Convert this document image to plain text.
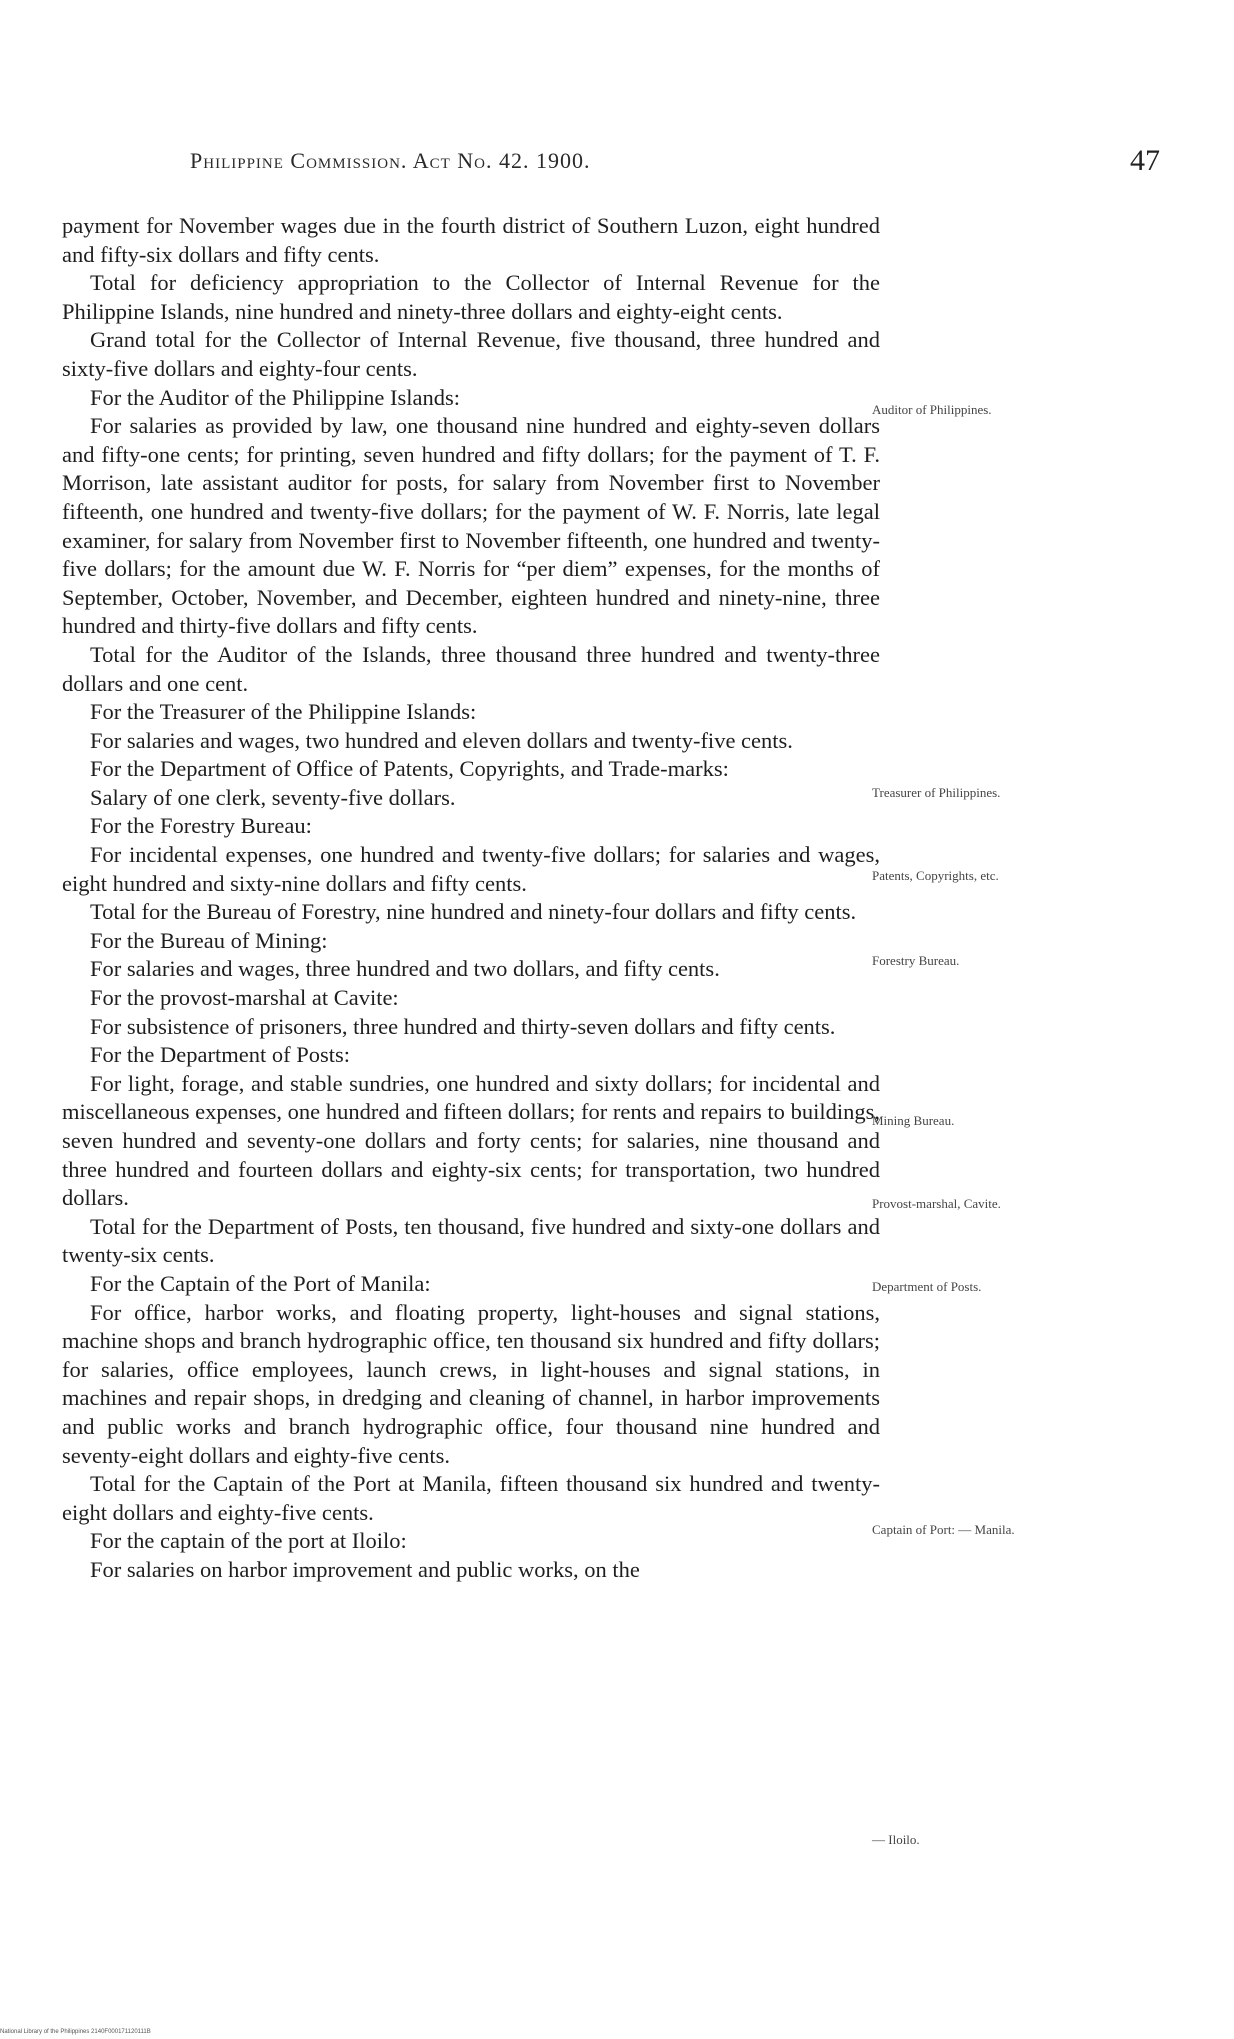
Philippine Commission. Act No. 42. 1900.	47

payment for November wages due in the fourth district of Southern Luzon, eight hundred and fifty-six dollars and fifty cents.

Total for deficiency appropriation to the Collector of Internal Revenue for the Philippine Islands, nine hundred and ninety-three dollars and eighty-eight cents.

Grand total for the Collector of Internal Revenue, five thousand, three hundred and sixty-five dollars and eighty-four cents.

For the Auditor of the Philippine Islands:

For salaries as provided by law, one thousand nine hundred and eighty-seven dollars and fifty-one cents; for printing, seven hundred and fifty dollars; for the payment of T. F. Morrison, late assistant auditor for posts, for salary from November first to November fifteenth, one hundred and twenty-five dollars; for the payment of W. F. Norris, late legal examiner, for salary from November first to November fifteenth, one hundred and twenty-five dollars; for the amount due W. F. Norris for “per diem” expenses, for the months of September, October, November, and December, eighteen hundred and ninety-nine, three hundred and thirty-five dollars and fifty cents.

Total for the Auditor of the Islands, three thousand three hundred and twenty-three dollars and one cent.

For the Treasurer of the Philippine Islands:

For salaries and wages, two hundred and eleven dollars and twenty-five cents.

For the Department of Office of Patents, Copyrights, and Trade-marks:

Salary of one clerk, seventy-five dollars.

For the Forestry Bureau:

For incidental expenses, one hundred and twenty-five dollars; for salaries and wages, eight hundred and sixty-nine dollars and fifty cents.

Total for the Bureau of Forestry, nine hundred and ninety-four dollars and fifty cents.

For the Bureau of Mining:

For salaries and wages, three hundred and two dollars, and fifty cents.

For the provost-marshal at Cavite:

For subsistence of prisoners, three hundred and thirty-seven dollars and fifty cents.

For the Department of Posts:

For light, forage, and stable sundries, one hundred and sixty dollars; for incidental and miscellaneous expenses, one hundred and fifteen dollars; for rents and repairs to buildings, seven hundred and seventy-one dollars and forty cents; for salaries, nine thousand and three hundred and fourteen dollars and eighty-six cents; for transportation, two hundred dollars.

Total for the Department of Posts, ten thousand, five hundred and sixty-one dollars and twenty-six cents.

For the Captain of the Port of Manila:

For office, harbor works, and floating property, light-houses and signal stations, machine shops and branch hydrographic office, ten thousand six hundred and fifty dollars; for salaries, office employees, launch crews, in light-houses and signal stations, in machines and repair shops, in dredging and cleaning of channel, in harbor improvements and public works and branch hydrographic office, four thousand nine hundred and seventy-eight dollars and eighty-five cents.

Total for the Captain of the Port at Manila, fifteen thousand six hundred and twenty-eight dollars and eighty-five cents.

For the captain of the port at Iloilo:

For salaries on harbor improvement and public works, on the

Auditor of Philippines.
Treasurer of Philippines.
Patents, Copyrights, etc.
Forestry Bureau.
Mining Bureau.
Provost-marshal, Cavite.
Department of Posts.
Captain of Port: — Manila.
— Iloilo.
National Library of the Philippines 2140F000171120111B
